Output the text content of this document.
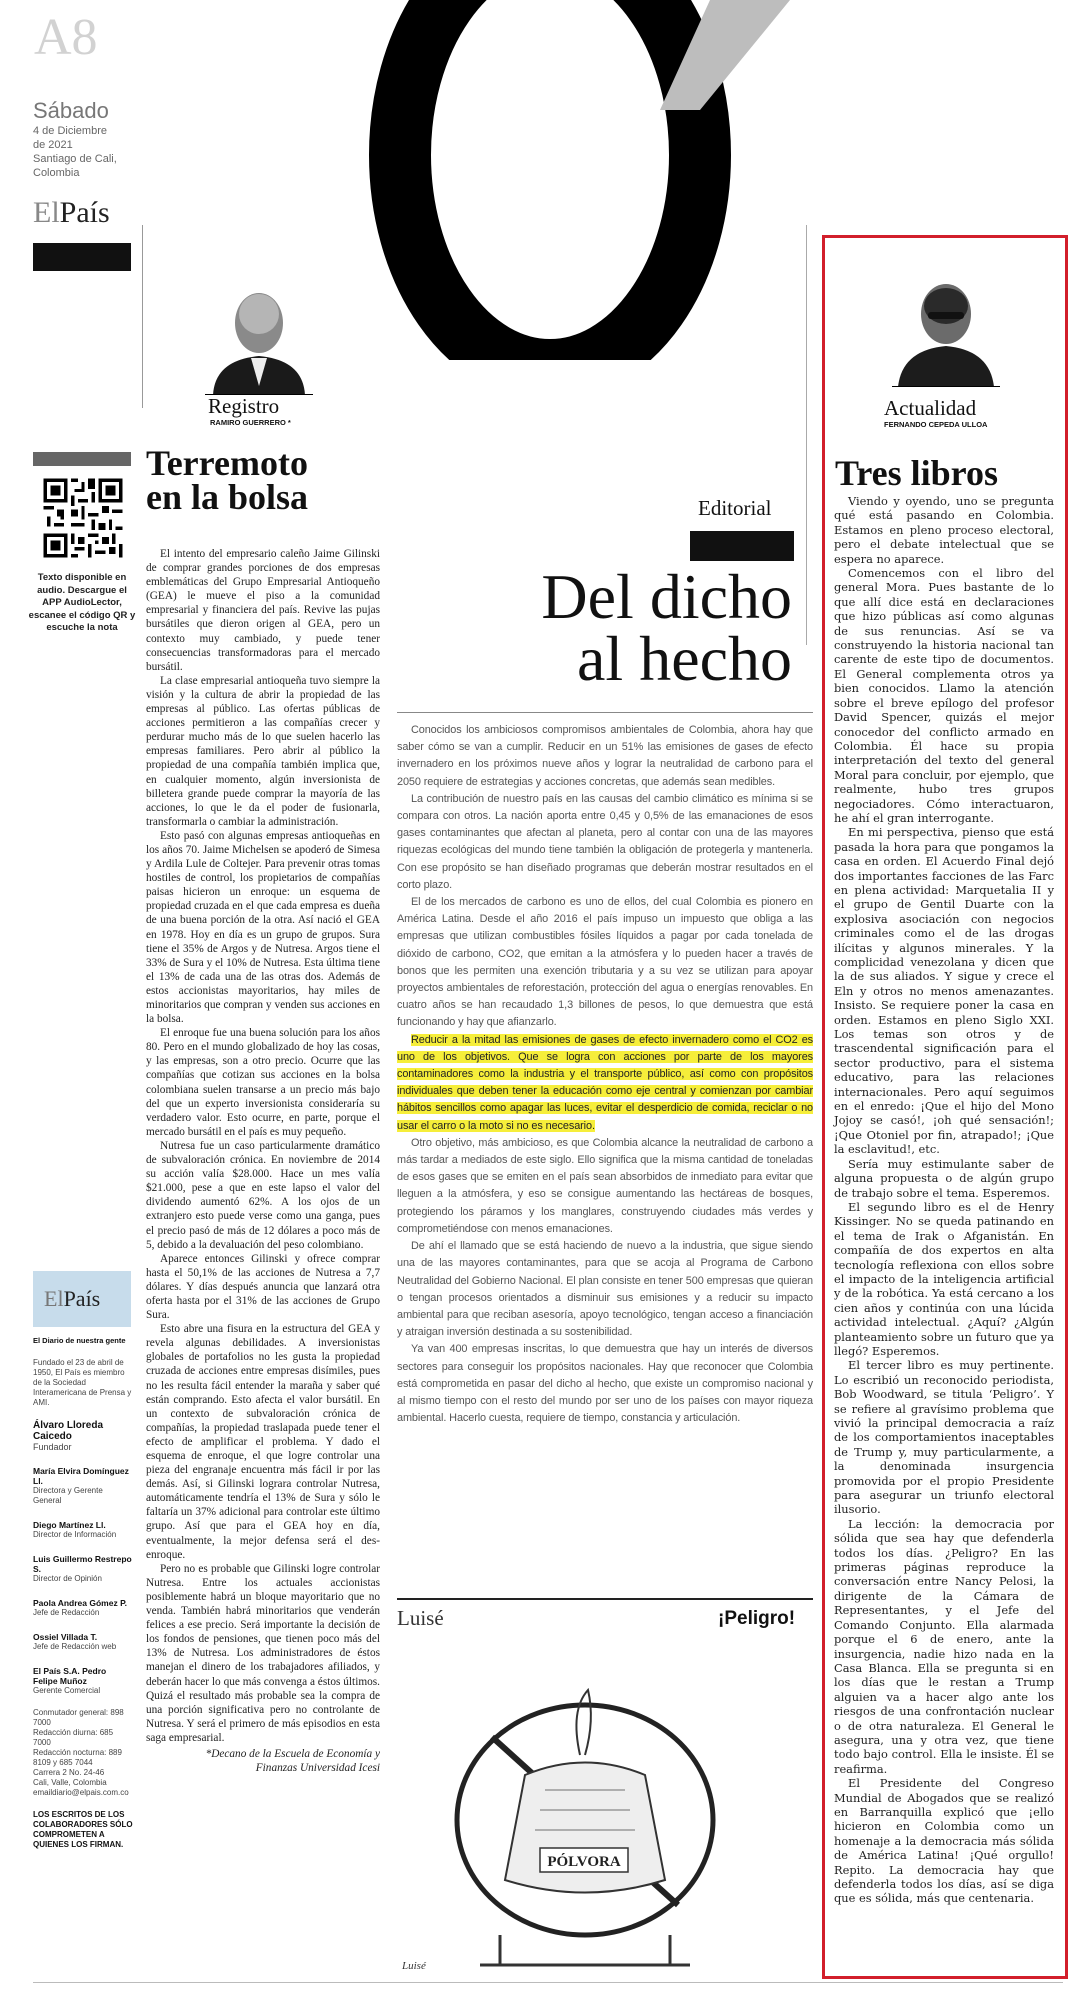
A8
Sábado
4 de Diciembre
de 2021
Santiago de Cali,
Colombia
ElPaís
Registro
RAMIRO GUERRERO *
Texto disponible en audio. Descargue el APP AudioLector, escanee el código QR y escuche la nota
Terremoto
en la bolsa

El intento del empresario caleño Jaime Gilinski de comprar grandes porciones de dos empresas emblemáticas del Grupo Empresarial Antioqueño (GEA) le mueve el piso a la comunidad empresarial y financiera del país. Revive las pujas bursátiles que dieron origen al GEA, pero un contexto muy cambiado, y puede tener consecuencias transformadoras para el mercado bursátil.

La clase empresarial antioqueña tuvo siempre la visión y la cultura de abrir la propiedad de las empresas al público. Las ofertas públicas de acciones permitieron a las compañías crecer y perdurar mucho más de lo que suelen hacerlo las empresas familiares. Pero abrir al público la propiedad de una compañía también implica que, en cualquier momento, algún inversionista de billetera grande puede comprar la mayoría de las acciones, lo que le da el poder de fusionarla, transformarla o cambiar la administración.

Esto pasó con algunas empresas antioqueñas en los años 70. Jaime Michelsen se apoderó de Simesa y Ardila Lule de Coltejer. Para prevenir otras tomas hostiles de control, los propietarios de compañías paisas hicieron un enroque: un esquema de propiedad cruzada en el que cada empresa es dueña de una buena porción de la otra. Así nació el GEA en 1978. Hoy en día es un grupo de grupos. Sura tiene el 35% de Argos y de Nutresa. Argos tiene el 33% de Sura y el 10% de Nutresa. Esta última tiene el 13% de cada una de las otras dos. Además de estos accionistas mayoritarios, hay miles de minoritarios que compran y venden sus acciones en la bolsa.

El enroque fue una buena solución para los años 80. Pero en el mundo globalizado de hoy las cosas, y las empresas, son a otro precio. Ocurre que las compañías que cotizan sus acciones en la bolsa colombiana suelen transarse a un precio más bajo del que un experto inversionista consideraría su verdadero valor. Esto ocurre, en parte, porque el mercado bursátil en el país es muy pequeño.

Nutresa fue un caso particularmente dramático de subvaloración crónica. En noviembre de 2014 su acción valía $28.000. Hace un mes valía $21.000, pese a que en este lapso el valor del dividendo aumentó 62%. A los ojos de un extranjero esto puede verse como una ganga, pues el precio pasó de más de 12 dólares a poco más de 5, debido a la devaluación del peso colombiano.

Aparece entonces Gilinski y ofrece comprar hasta el 50,1% de las acciones de Nutresa a 7,7 dólares. Y días después anuncia que lanzará otra oferta hasta por el 31% de las acciones de Grupo Sura.

Esto abre una fisura en la estructura del GEA y revela algunas debilidades. A inversionistas globales de portafolios no les gusta la propiedad cruzada de acciones entre empresas disímiles, pues no les resulta fácil entender la maraña y saber qué están comprando. Esto afecta el valor bursátil. En un contexto de subvaloración crónica de compañías, la propiedad traslapada puede tener el efecto de amplificar el problema. Y dado el esquema de enroque, el que logre controlar una pieza del engranaje encuentra más fácil ir por las demás. Así, si Gilinski lograra controlar Nutresa, automáticamente tendría el 13% de Sura y sólo le faltaría un 37% adicional para controlar este último grupo. Así que para el GEA hoy en día, eventualmente, la mejor defensa será el des-enroque.

Pero no es probable que Gilinski logre controlar Nutresa. Entre los actuales accionistas posiblemente habrá un bloque mayoritario que no venda. También habrá minoritarios que venderán felices a ese precio. Será importante la decisión de los fondos de pensiones, que tienen poco más del 13% de Nutresa. Los administradores de éstos manejan el dinero de los trabajadores afiliados, y deberán hacer lo que más convenga a éstos últimos. Quizá el resultado más probable sea la compra de una porción significativa pero no controlante de Nutresa. Y será el primero de más episodios en esta saga empresarial.

*Decano de la Escuela de Economía y
Finanzas Universidad Icesi

ElPaís
El Diario de nuestra gente
Fundado el 23 de abril de 1950, El País es miembro de la Sociedad Interamericana de Prensa y AMI.
Álvaro Lloreda Caicedo
Fundador
María Elvira Domínguez Ll.
Directora y Gerente General
Diego Martínez Ll.
Director de Información
Luis Guillermo Restrepo S.
Director de Opinión
Paola Andrea Gómez P.
Jefe de Redacción
Ossiel Villada T.
Jefe de Redacción web
El País S.A. Pedro Felipe Muñoz
Gerente Comercial
Conmutador general: 898 7000
Redacción diurna: 685 7000
Redacción nocturna: 889 8109 y 685 7044
Carrera 2 No. 24-46
Cali, Valle, Colombia
emaildiario@elpais.com.co
LOS ESCRITOS DE LOS COLABORADORES SÓLO COMPROMETEN A QUIENES LOS FIRMAN.
Editorial
Del dicho
al hecho

Conocidos los ambiciosos compromisos ambientales de Colombia, ahora hay que saber cómo se van a cumplir. Reducir en un 51% las emisiones de gases de efecto invernadero en los próximos nueve años y lograr la neutralidad de carbono para el 2050 requiere de estrategias y acciones concretas, que además sean medibles.

La contribución de nuestro país en las causas del cambio climático es mínima si se compara con otros. La nación aporta entre 0,45 y 0,5% de las emanaciones de esos gases contaminantes que afectan al planeta, pero al contar con una de las mayores riquezas ecológicas del mundo tiene también la obligación de protegerla y mantenerla. Con ese propósito se han diseñado programas que deberán mostrar resultados en el corto plazo.

El de los mercados de carbono es uno de ellos, del cual Colombia es pionero en América Latina. Desde el año 2016 el país impuso un impuesto que obliga a las empresas que utilizan combustibles fósiles líquidos a pagar por cada tonelada de dióxido de carbono, CO2, que emitan a la atmósfera y lo pueden hacer a través de bonos que les permiten una exención tributaria y a su vez se utilizan para apoyar proyectos ambientales de reforestación, protección del agua o energías renovables. En cuatro años se han recaudado 1,3 billones de pesos, lo que demuestra que está funcionando y hay que afianzarlo.

Reducir a la mitad las emisiones de gases de efecto invernadero como el CO2 es uno de los objetivos. Que se logra con acciones por parte de los mayores contaminadores como la industria y el transporte público, así como con propósitos individuales que deben tener la educación como eje central y comienzan por cambiar hábitos sencillos como apagar las luces, evitar el desperdicio de comida, reciclar o no usar el carro o la moto si no es necesario.

Otro objetivo, más ambicioso, es que Colombia alcance la neutralidad de carbono a más tardar a mediados de este siglo. Ello significa que la misma cantidad de toneladas de esos gases que se emiten en el país sean absorbidos de inmediato para evitar que lleguen a la atmósfera, y eso se consigue aumentando las hectáreas de bosques, protegiendo los páramos y los manglares, construyendo ciudades más verdes y comprometiéndose con menos emanaciones.

De ahí el llamado que se está haciendo de nuevo a la industria, que sigue siendo una de las mayores contaminantes, para que se acoja al Programa de Carbono Neutralidad del Gobierno Nacional. El plan consiste en tener 500 empresas que quieran o tengan procesos orientados a disminuir sus emisiones y a reducir su impacto ambiental para que reciban asesoría, apoyo tecnológico, tengan acceso a financiación y atraigan inversión destinada a su sostenibilidad.

Ya van 400 empresas inscritas, lo que demuestra que hay un interés de diversos sectores para conseguir los propósitos nacionales. Hay que reconocer que Colombia está comprometida en pasar del dicho al hecho, que existe un compromiso nacional y al mismo tiempo con el resto del mundo por ser uno de los países con mayor riqueza ambiental. Hacerlo cuesta, requiere de tiempo, constancia y articulación.

Luisé	¡Peligro!
PÓLVORA
Luisé
Actualidad
FERNANDO CEPEDA ULLOA
Tres libros

Viendo y oyendo, uno se pregunta qué está pasando en Colombia. Estamos en pleno proceso electoral, pero el debate intelectual que se espera no aparece.

Comencemos con el libro del general Mora. Pues bastante de lo que allí dice está en declaraciones que hizo públicas así como algunas de sus renuncias. Así se va construyendo la historia nacional tan carente de este tipo de documentos. El General complementa otros ya bien conocidos. Llamo la atención sobre el breve epílogo del profesor David Spencer, quizás el mejor conocedor del conflicto armado en Colombia. Él hace su propia interpretación del texto del general Moral para concluir, por ejemplo, que realmente, hubo tres grupos negociadores. Cómo interactuaron, he ahí el gran interrogante.

En mi perspectiva, pienso que está pasada la hora para que pongamos la casa en orden. El Acuerdo Final dejó dos importantes facciones de las Farc en plena actividad: Marquetalia II y el grupo de Gentil Duarte con la explosiva asociación con negocios criminales como el de las drogas ilícitas y algunos minerales. Y la complicidad venezolana y dicen que la de sus aliados. Y sigue y crece el Eln y otros no menos amenazantes. Insisto. Se requiere poner la casa en orden. Estamos en pleno Siglo XXI. Los temas son otros y de trascendental significación para el sector productivo, para el sistema educativo, para las relaciones internacionales. Pero aquí seguimos en el enredo: ¡Que el hijo del Mono Jojoy se casó!, ¡oh qué sensación!; ¡Que Otoniel por fin, atrapado!; ¡Que la esclavitud!, etc.

Sería muy estimulante saber de alguna propuesta o de algún grupo de trabajo sobre el tema. Esperemos.

El segundo libro es el de Henry Kissinger. No se queda patinando en el tema de Irak o Afganistán. En compañía de dos expertos en alta tecnología reflexiona con ellos sobre el impacto de la inteligencia artificial y de la robótica. Ya está cercano a los cien años y continúa con una lúcida actividad intelectual. ¿Aquí? ¿Algún planteamiento sobre un futuro que ya llegó? Esperemos.

El tercer libro es muy pertinente. Lo escribió un reconocido periodista, Bob Woodward, se titula ‘Peligro’. Y se refiere al gravísimo problema que vivió la principal democracia a raíz de los comportamientos inaceptables de Trump y, muy particularmente, a la denominada insurgencia promovida por el propio Presidente para asegurar un triunfo electoral ilusorio.

La lección: la democracia por sólida que sea hay que defenderla todos los días. ¿Peligro? En las primeras páginas reproduce la conversación entre Nancy Pelosi, la dirigente de la Cámara de Representantes, y el Jefe del Comando Conjunto. Ella alarmada porque el 6 de enero, ante la insurgencia, nadie hizo nada en la Casa Blanca. Ella se pregunta si en los días que le restan a Trump alguien va a hacer algo ante los riesgos de una confrontación nuclear o de otra naturaleza. El General le asegura, una y otra vez, que tiene todo bajo control. Ella le insiste. Él se reafirma.

El Presidente del Congreso Mundial de Abogados que se realizó en Barranquilla explicó que ¡ello hicieron en Colombia como un homenaje a la democracia más sólida de América Latina! ¡Qué orgullo! Repito. La democracia hay que defenderla todos los días, así se diga que es sólida, más que centenaria.
